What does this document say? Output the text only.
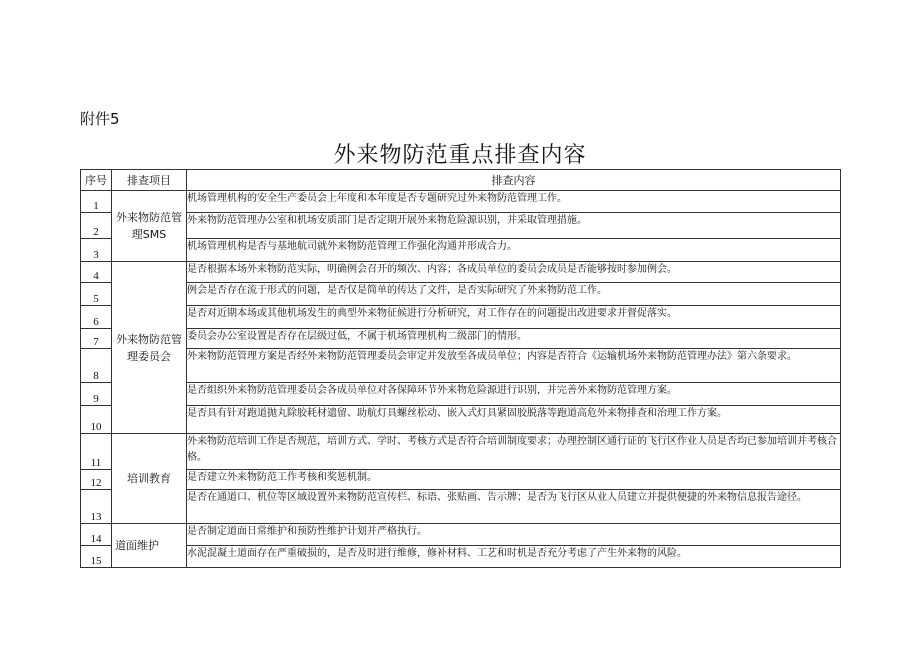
附件5
外来物防范重点排查内容
序号	排查项目	排查内容
1	外来物防范管理SMS	机场管理机构的安全生产委员会上年度和本年度是否专题研究过外来物防范管理工作。
2		外来物防范管理办公室和机场安质部门是否定期开展外来物危险源识别，并采取管理措施。
3		机场管理机构是否与基地航司就外来物防范管理工作强化沟通并形成合力。
4	外来物防范管理委员会	是否根据本场外来物防范实际，明确例会召开的频次、内容；各成员单位的委员会成员是否能够按时参加例会。
5		例会是否存在流于形式的问题，是否仅是简单的传达了文件，是否实际研究了外来物防范工作。
6		是否对近期本场或其他机场发生的典型外来物征候进行分析研究，对工作存在的问题提出改进要求并督促落实。
7		委员会办公室设置是否存在层级过低，不属于机场管理机构二级部门的情形。
8		外来物防范管理方案是否经外来物防范管理委员会审定并发放至各成员单位；内容是否符合《运输机场外来物防范管理办法》第六条要求。
9		是否组织外来物防范管理委员会各成员单位对各保障环节外来物危险源进行识别，并完善外来物防范管理方案。
10		是否具有针对跑道抛丸除胶耗材遗留、助航灯具螺丝松动、嵌入式灯具紧固胶脱落等跑道高危外来物排查和治理工作方案。
11	培训教育	外来物防范培训工作是否规范，培训方式、学时、考核方式是否符合培训制度要求；办理控制区通行证的飞行区作业人员是否均已参加培训并考核合格。
12		是否建立外来物防范工作考核和奖惩机制。
13		是否在通道口、机位等区域设置外来物防范宣传栏、标语、张贴画、告示牌；是否为飞行区从业人员建立并提供便捷的外来物信息报告途径。
14	道面维护	是否制定道面日常维护和预防性维护计划并严格执行。
15		水泥混凝土道面存在严重破损的，是否及时进行维修，修补材料、工艺和时机是否充分考虑了产生外来物的风险。
